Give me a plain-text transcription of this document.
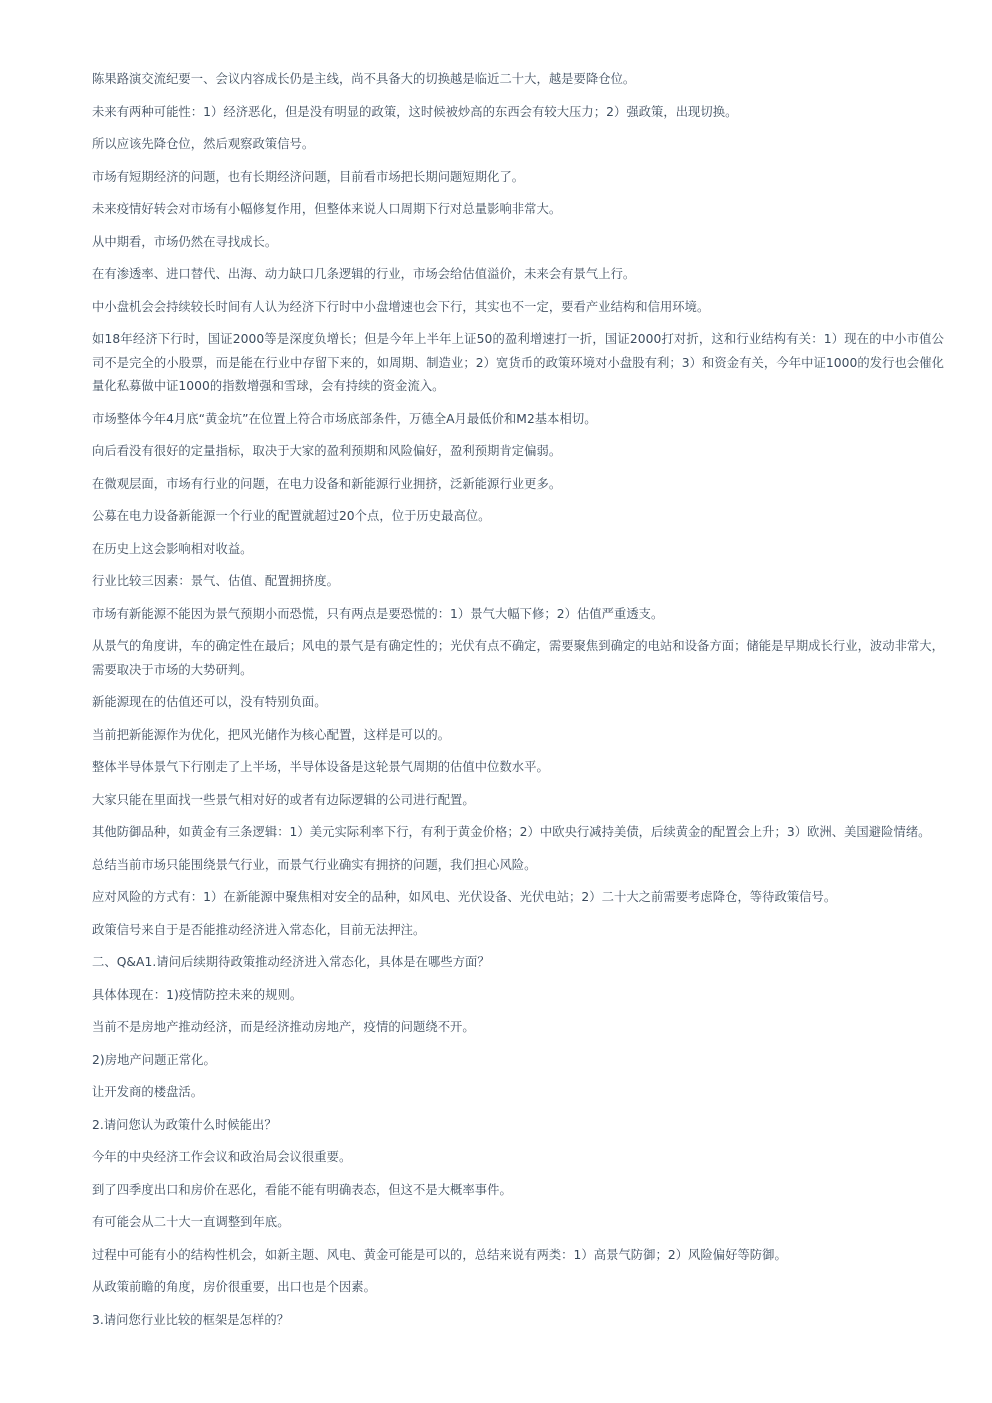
陈果路演交流纪要一、会议内容成长仍是主线，尚不具备大的切换越是临近二十大，越是要降仓位。

未来有两种可能性：1）经济恶化，但是没有明显的政策，这时候被炒高的东西会有较大压力；2）强政策，出现切换。

所以应该先降仓位，然后观察政策信号。

市场有短期经济的问题，也有长期经济问题，目前看市场把长期问题短期化了。

未来疫情好转会对市场有小幅修复作用，但整体来说人口周期下行对总量影响非常大。

从中期看，市场仍然在寻找成长。

在有渗透率、进口替代、出海、动力缺口几条逻辑的行业，市场会给估值溢价，未来会有景气上行。

中小盘机会会持续较长时间有人认为经济下行时中小盘增速也会下行，其实也不一定，要看产业结构和信用环境。

如18年经济下行时，国证2000等是深度负增长；但是今年上半年上证50的盈利增速打一折，国证2000打对折，这和行业结构有关：1）现在的中小市值公司不是完全的小股票，而是能在行业中存留下来的，如周期、制造业；2）宽货币的政策环境对小盘股有利；3）和资金有关，今年中证1000的发行也会催化量化私募做中证1000的指数增强和雪球，会有持续的资金流入。

市场整体今年4月底“黄金坑”在位置上符合市场底部条件，万德全A月最低价和M2基本相切。

向后看没有很好的定量指标，取决于大家的盈利预期和风险偏好，盈利预期肯定偏弱。

在微观层面，市场有行业的问题，在电力设备和新能源行业拥挤，泛新能源行业更多。

公募在电力设备新能源一个行业的配置就超过20个点，位于历史最高位。

在历史上这会影响相对收益。

行业比较三因素：景气、估值、配置拥挤度。

市场有新能源不能因为景气预期小而恐慌，只有两点是要恐慌的：1）景气大幅下修；2）估值严重透支。

从景气的角度讲，车的确定性在最后；风电的景气是有确定性的；光伏有点不确定，需要聚焦到确定的电站和设备方面；储能是早期成长行业，波动非常大，需要取决于市场的大势研判。

新能源现在的估值还可以，没有特别负面。

当前把新能源作为优化，把风光储作为核心配置，这样是可以的。

整体半导体景气下行刚走了上半场，半导体设备是这轮景气周期的估值中位数水平。

大家只能在里面找一些景气相对好的或者有边际逻辑的公司进行配置。

其他防御品种，如黄金有三条逻辑：1）美元实际利率下行，有利于黄金价格；2）中欧央行减持美债，后续黄金的配置会上升；3）欧洲、美国避险情绪。

总结当前市场只能围绕景气行业，而景气行业确实有拥挤的问题，我们担心风险。

应对风险的方式有：1）在新能源中聚焦相对安全的品种，如风电、光伏设备、光伏电站；2）二十大之前需要考虑降仓，等待政策信号。

政策信号来自于是否能推动经济进入常态化，目前无法押注。

二、Q&A1.请问后续期待政策推动经济进入常态化，具体是在哪些方面？

具体体现在：1)疫情防控未来的规则。

当前不是房地产推动经济，而是经济推动房地产，疫情的问题绕不开。

2)房地产问题正常化。

让开发商的楼盘活。

2.请问您认为政策什么时候能出？

今年的中央经济工作会议和政治局会议很重要。

到了四季度出口和房价在恶化，看能不能有明确表态，但这不是大概率事件。

有可能会从二十大一直调整到年底。

过程中可能有小的结构性机会，如新主题、风电、黄金可能是可以的，总结来说有两类：1）高景气防御；2）风险偏好等防御。

从政策前瞻的角度，房价很重要，出口也是个因素。

3.请问您行业比较的框架是怎样的？
